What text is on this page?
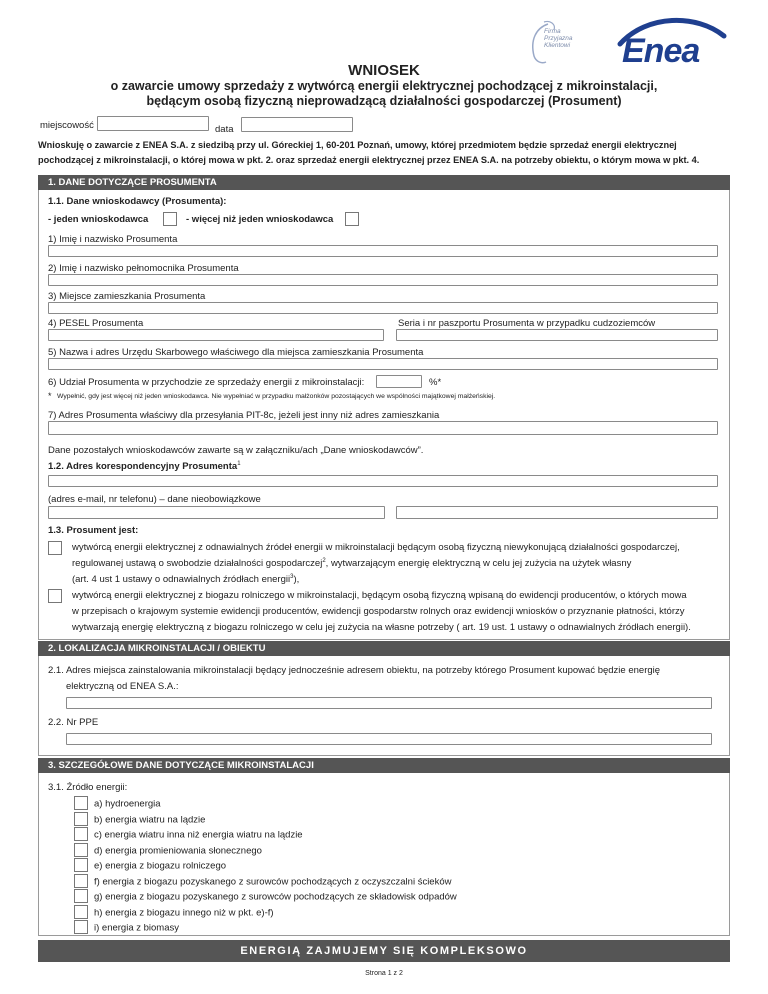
Firma
Przyjazna
Klientowi Enea
WNIOSEK
o zawarcie umowy sprzedaży z wytwórcą energii elektrycznej pochodzącej z mikroinstalacji,
będącym osobą fizyczną nieprowadzącą działalności gospodarczej (Prosument)
miejscowość	data
Wnioskuję o zawarcie z ENEA S.A. z siedzibą przy ul. Góreckiej 1, 60-201 Poznań, umowy, której przedmiotem będzie sprzedaż energii elektrycznej
pochodzącej z mikroinstalacji, o której mowa w pkt. 2. oraz sprzedaż energii elektrycznej przez ENEA S.A. na potrzeby obiektu, o którym mowa w pkt. 4.
1. DANE DOTYCZĄCE PROSUMENTA
1.1. Dane wnioskodawcy (Prosumenta):
- jeden wnioskodawca	- więcej niż jeden wnioskodawca
1) Imię i nazwisko Prosumenta
2) Imię i nazwisko pełnomocnika Prosumenta
3) Miejsce zamieszkania Prosumenta
4) PESEL Prosumenta	Seria i nr paszportu Prosumenta w przypadku cudzoziemców
5) Nazwa i adres Urzędu Skarbowego właściwego dla miejsca zamieszkania Prosumenta
6) Udział Prosumenta w przychodzie ze sprzedaży energii z mikroinstalacji:	%*
* Wypełnić, gdy jest więcej niż jeden wnioskodawca. Nie wypełniać w przypadku małżonków pozostających we wspólności majątkowej małżeńskiej.
7) Adres Prosumenta właściwy dla przesyłania PIT-8c, jeżeli jest inny niż adres zamieszkania
Dane pozostałych wnioskodawców zawarte są w załączniku/ach „Dane wnioskodawców”.
1.2. Adres korespondencyjny Prosumenta$^1$
(adres e-mail, nr telefonu) – dane nieobowiązkowe
1.3. Prosument jest:
wytwórcą energii elektrycznej z odnawialnych źródeł energii w mikroinstalacji będącym osobą fizyczną niewykonującą działalności gospodarczej,
regulowanej ustawą o swobodzie działalności gospodarczej$^2$, wytwarzającym energię elektryczną w celu jej zużycia na użytek własny
(art. 4 ust 1 ustawy o odnawialnych źródłach energii$^3$),
wytwórcą energii elektrycznej z biogazu rolniczego w mikroinstalacji, będącym osobą fizyczną wpisaną do ewidencji producentów, o których mowa
w przepisach o krajowym systemie ewidencji producentów, ewidencji gospodarstw rolnych oraz ewidencji wniosków o przyznanie płatności, którzy
wytwarzają energię elektryczną z biogazu rolniczego w celu jej zużycia na własne potrzeby ( art. 19 ust. 1 ustawy o odnawialnych źródłach energii).
2. LOKALIZACJA MIKROINSTALACJI / OBIEKTU
2.1. Adres miejsca zainstalowania mikroinstalacji będący jednocześnie adresem obiektu, na potrzeby którego Prosument kupować będzie energię
elektryczną od ENEA S.A.:
2.2. Nr PPE
3. SZCZEGÓŁOWE DANE DOTYCZĄCE MIKROINSTALACJI
3.1. Źródło energii:
a) hydroenergia
b) energia wiatru na lądzie
c) energia wiatru inna niż energia wiatru na lądzie
d) energia promieniowania słonecznego
e) energia z biogazu rolniczego
f) energia z biogazu pozyskanego z surowców pochodzących z oczyszczalni ścieków
g) energia z biogazu pozyskanego z surowców pochodzących ze składowisk odpadów
h) energia z biogazu innego niż w pkt. e)-f)
i) energia z biomasy
ENERGIĄ ZAJMUJEMY SIĘ KOMPLEKSOWO
Strona 1 z 2
